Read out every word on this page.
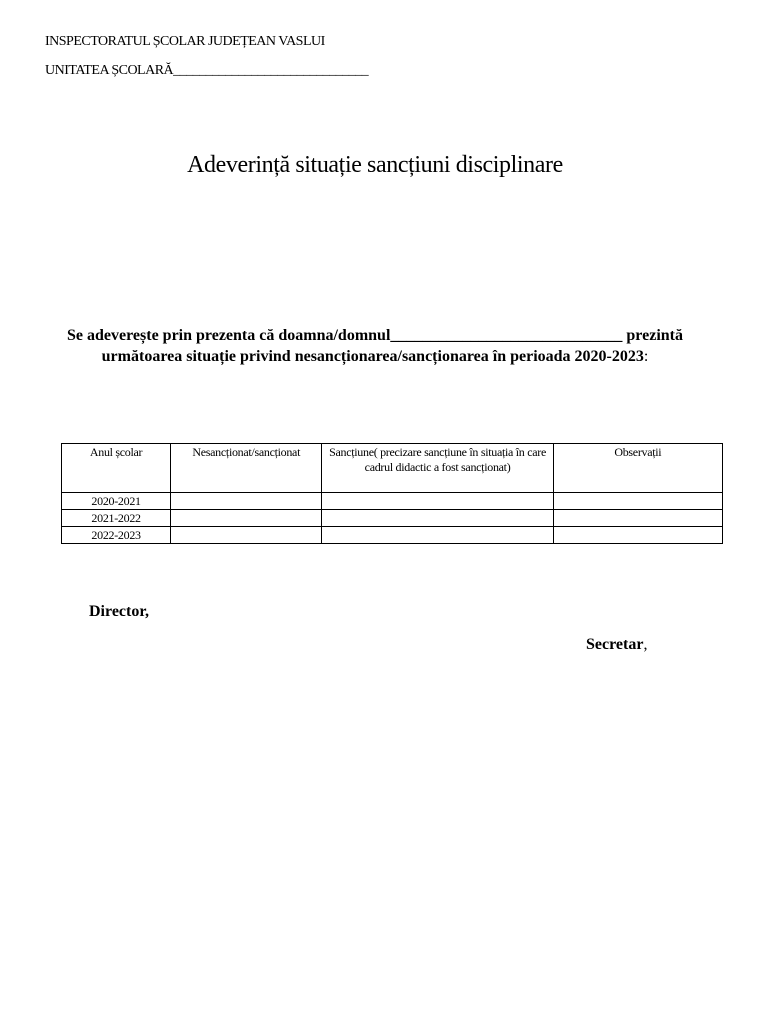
INSPECTORATUL ȘCOLAR JUDEȚEAN VASLUI
UNITATEA ȘCOLARĂ______________________________
Adeverință situație sancțiuni disciplinare
Se adeverește prin prezenta că doamna/domnul_____________________________ prezintă următoarea situație privind nesancționarea/sancționarea în perioada 2020-2023:
Anul școlar	Nesancționat/sancționat	Sancțiune( precizare sancțiune în situația în care cadrul didactic a fost sancționat)	Observații
2020-2021			
2021-2022			
2022-2023			
Director,
Secretar,
